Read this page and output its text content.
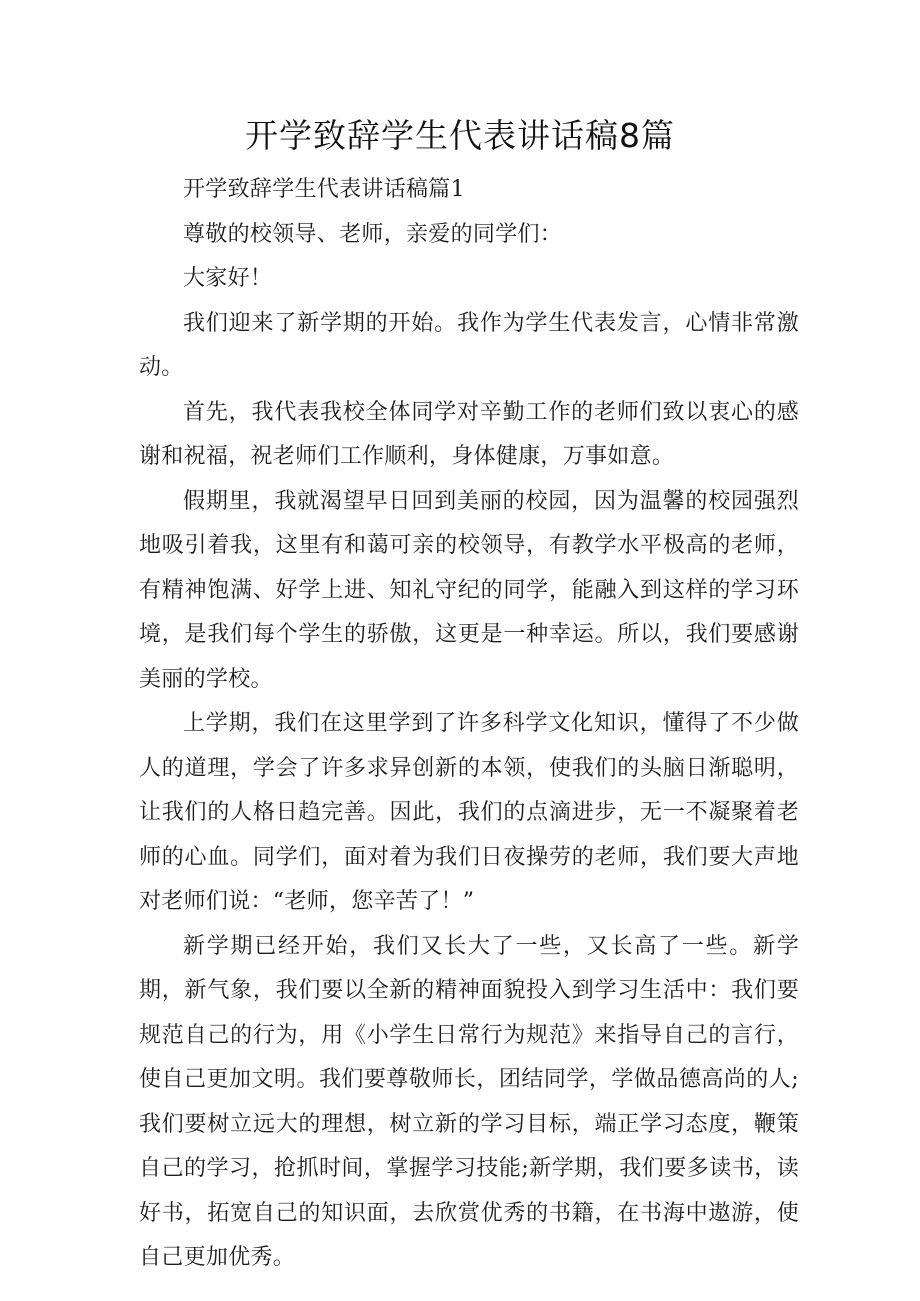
开学致辞学生代表讲话稿8篇

开学致辞学生代表讲话稿篇1

尊敬的校领导、老师，亲爱的同学们：

大家好！

我们迎来了新学期的开始。我作为学生代表发言，心情非常激动。

首先，我代表我校全体同学对辛勤工作的老师们致以衷心的感谢和祝福，祝老师们工作顺利，身体健康，万事如意。

假期里，我就渴望早日回到美丽的校园，因为温馨的校园强烈地吸引着我，这里有和蔼可亲的校领导，有教学水平极高的老师，有精神饱满、好学上进、知礼守纪的同学，能融入到这样的学习环境，是我们每个学生的骄傲，这更是一种幸运。所以，我们要感谢美丽的学校。

上学期，我们在这里学到了许多科学文化知识，懂得了不少做人的道理，学会了许多求异创新的本领，使我们的头脑日渐聪明，让我们的人格日趋完善。因此，我们的点滴进步，无一不凝聚着老师的心血。同学们，面对着为我们日夜操劳的老师，我们要大声地对老师们说：“老师，您辛苦了！”

新学期已经开始，我们又长大了一些，又长高了一些。新学期，新气象，我们要以全新的精神面貌投入到学习生活中：我们要规范自己的行为，用《小学生日常行为规范》来指导自己的言行，使自己更加文明。我们要尊敬师长，团结同学，学做品德高尚的人;我们要树立远大的理想，树立新的学习目标，端正学习态度，鞭策自己的学习，抢抓时间，掌握学习技能;新学期，我们要多读书，读好书，拓宽自己的知识面，去欣赏优秀的书籍，在书海中遨游，使自己更加优秀。
